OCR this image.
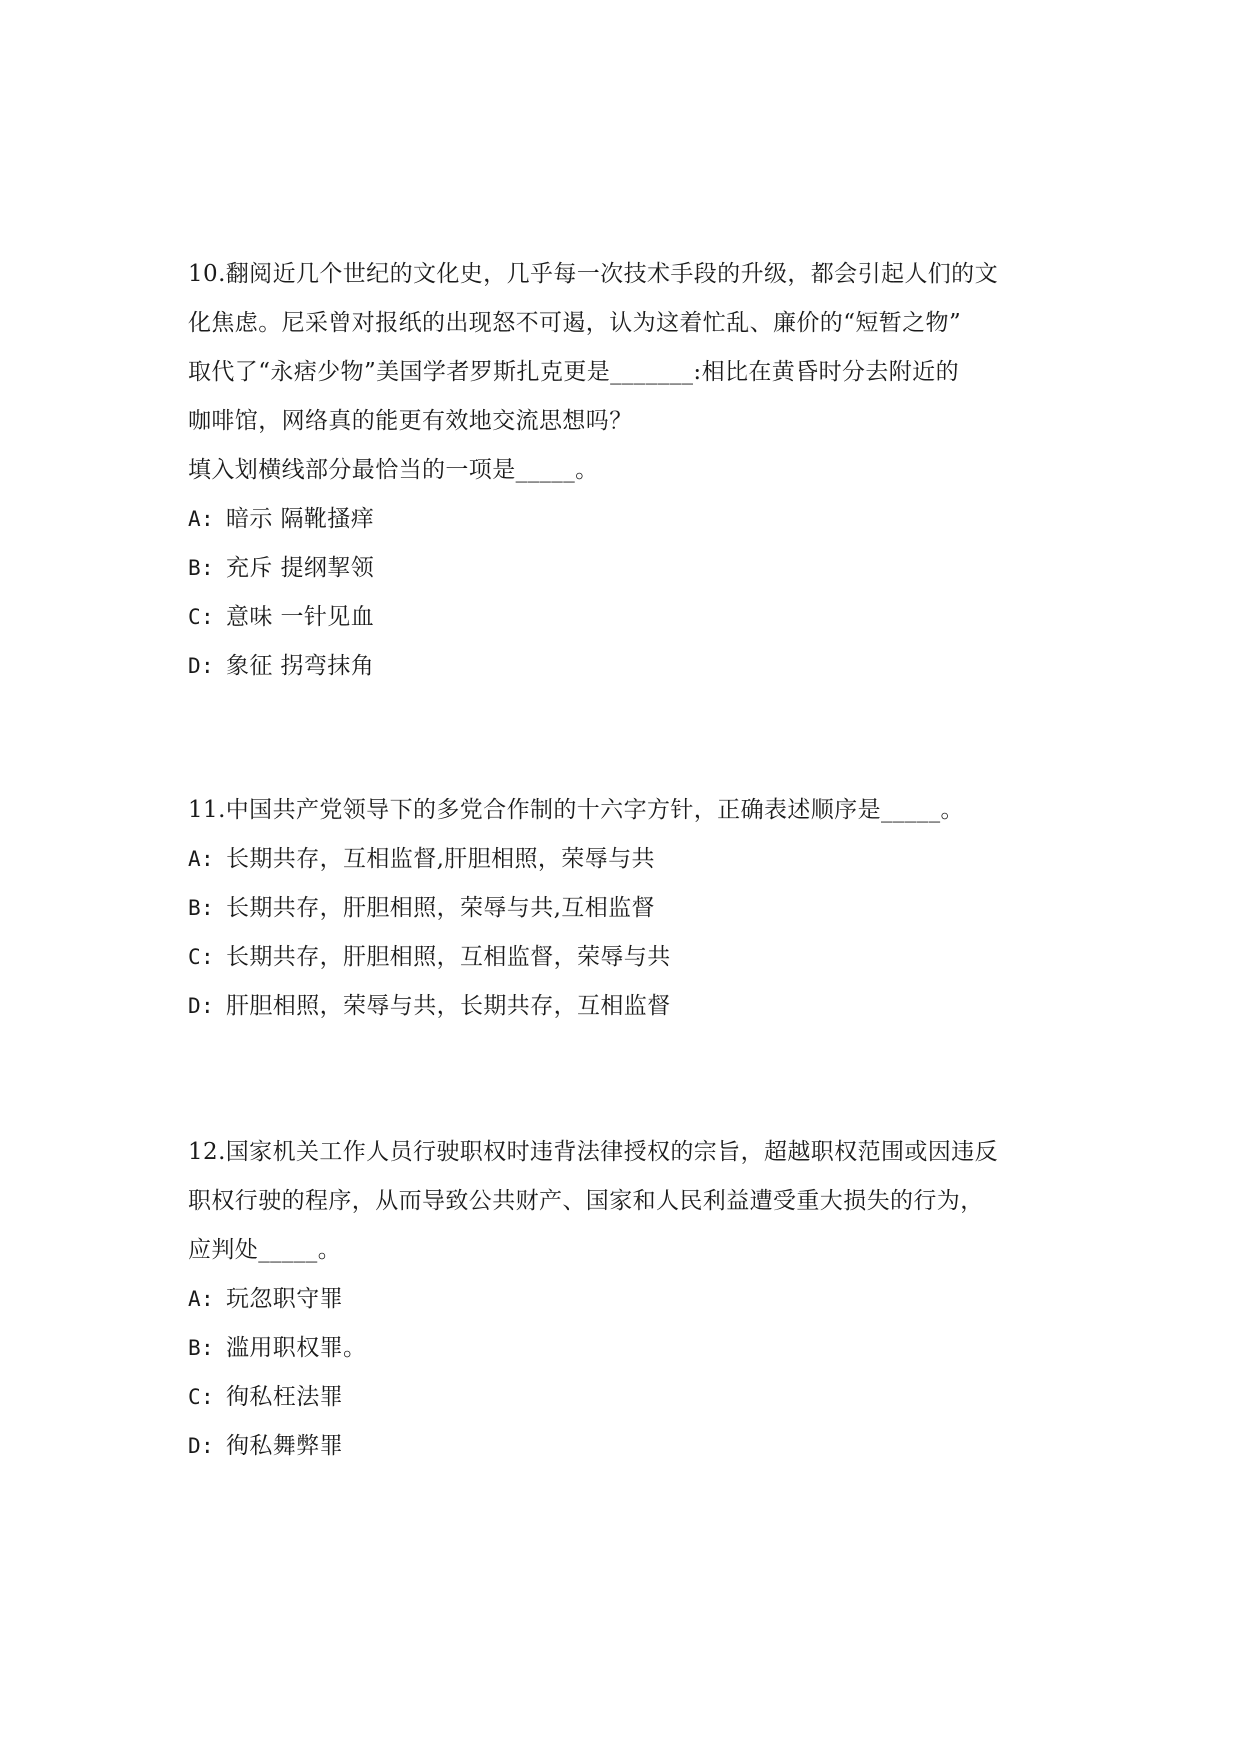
10.翻阅近几个世纪的文化史，几乎每一次技术手段的升级，都会引起人们的文
化焦虑。尼采曾对报纸的出现怒不可遏，认为这着忙乱、廉价的“短暂之物”
取代了“永痞少物”美国学者罗斯扎克更是_______:相比在黄昏时分去附近的
咖啡馆，网络真的能更有效地交流思想吗？
填入划横线部分最恰当的一项是_____。
A: 暗示 隔靴搔痒
B: 充斥 提纲挈领
C: 意味 一针见血
D: 象征 拐弯抹角
11.中国共产党领导下的多党合作制的十六字方针，正确表述顺序是_____。
A: 长期共存，互相监督,肝胆相照，荣辱与共
B: 长期共存，肝胆相照，荣辱与共,互相监督
C: 长期共存，肝胆相照，互相监督，荣辱与共
D: 肝胆相照，荣辱与共，长期共存，互相监督
12.国家机关工作人员行驶职权时违背法律授权的宗旨，超越职权范围或因违反
职权行驶的程序，从而导致公共财产、国家和人民利益遭受重大损失的行为，
应判处_____。
A: 玩忽职守罪
B: 滥用职权罪。
C: 徇私枉法罪
D: 徇私舞弊罪
